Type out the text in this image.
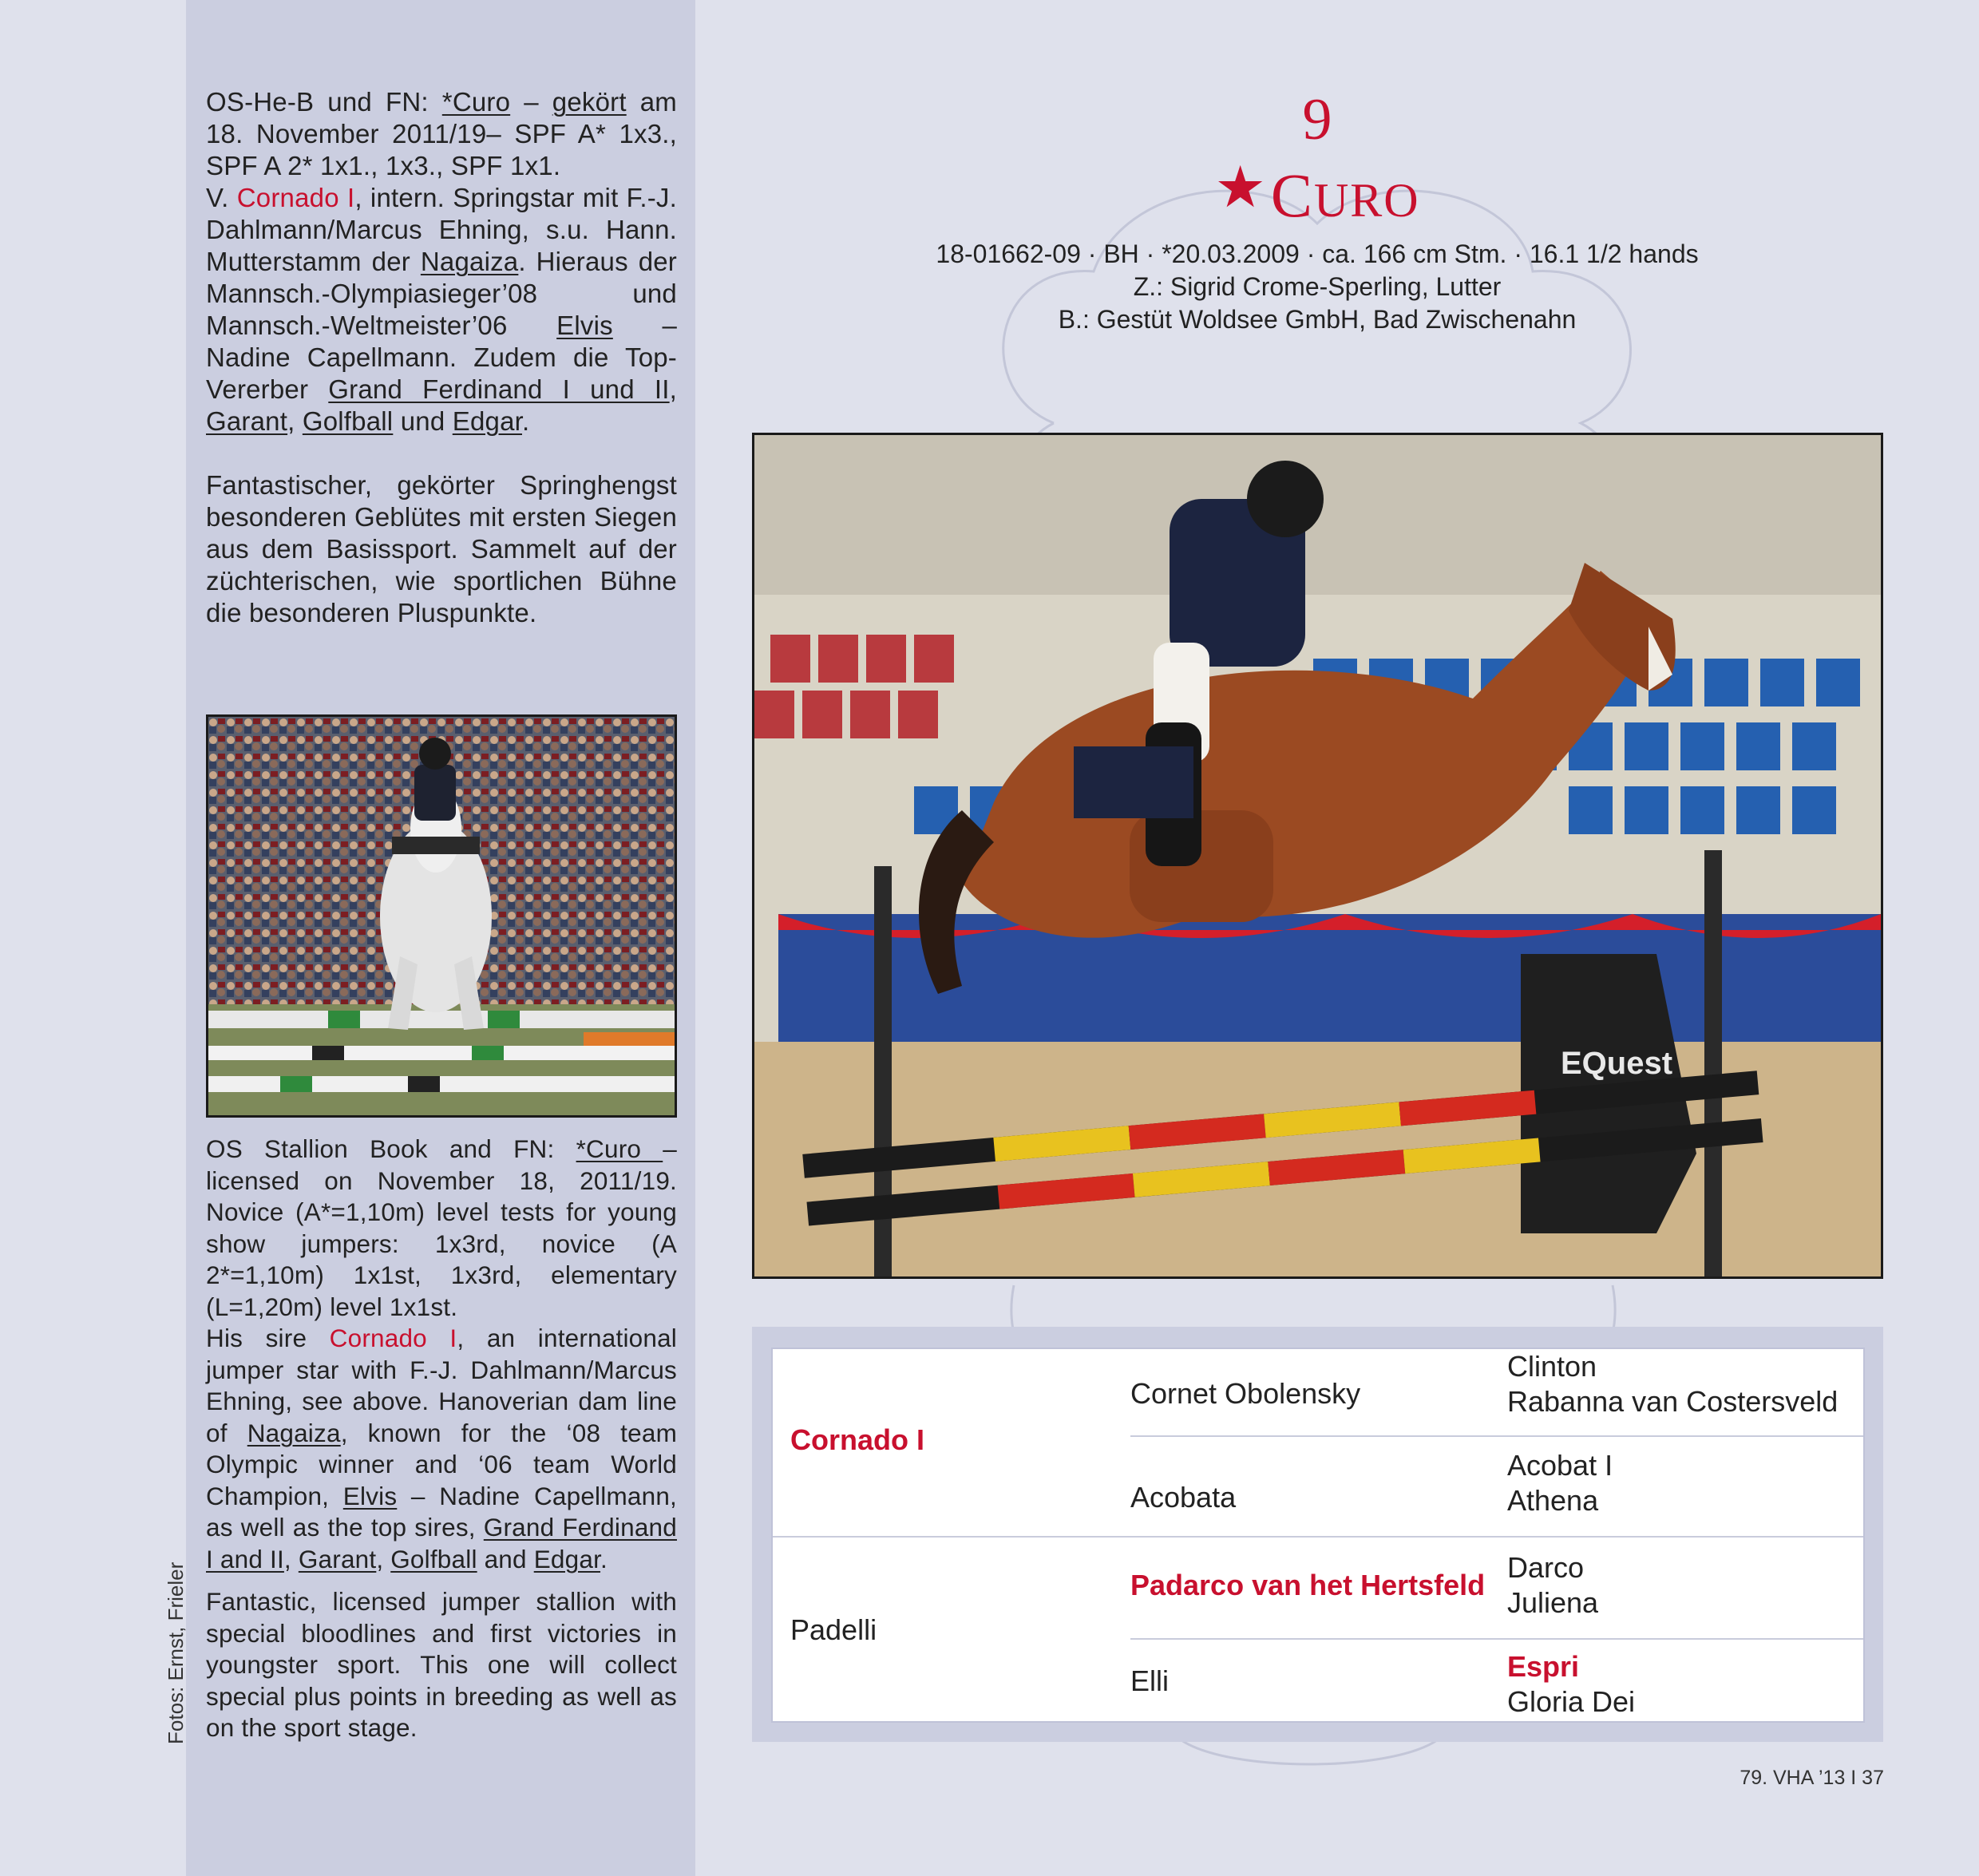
OS-He-B und FN: *Curo – gekört am 18. November 2011/19– SPF A* 1x3., SPF A 2* 1x1., 1x3., SPF 1x1.
V. Cornado I, intern. Springstar mit F.-J. Dahlmann/Marcus Ehning, s.u. Hann. Mutterstamm der Nagaiza. Hieraus der Mannsch.-Olympiasieger’08 und Mannsch.-Weltmeister’06 Elvis – Nadine Capellmann. Zudem die Top-Vererber Grand Ferdinand I und II, Garant, Golfball und Edgar.

Fantastischer, gekörter Springhengst besonderen Geblütes mit ersten Siegen aus dem Basissport. Sammelt auf der züchterischen, wie sportlichen Bühne die besonderen Pluspunkte.

OS Stallion Book and FN: *Curo – licensed on November 18, 2011/19. Novice (A*=1,10m) level tests for young show jumpers: 1x3rd, novice (A 2*=1,10m) 1x1st, 1x3rd, elementary (L=1,20m) level 1x1st.
His sire Cornado I, an international jumper star with F.-J. Dahlmann/Marcus Ehning, see above. Hanoverian dam line of Nagaiza, known for the ‘08 team Olympic winner and ‘06 team World Champion, Elvis – Nadine Capellmann, as well as the top sires, Grand Ferdinand I and II, Garant, Golfball and Edgar.

Fantastic, licensed jumper stallion with special bloodlines and first victories in youngster sport. This one will collect special plus points in breeding as well as on the sport stage.

Fotos: Ernst, Frieler
9
★CURO
18-01662-09 · BH · *20.03.2009 · ca. 166 cm Stm. · 16.1 1/2 hands
Z.: Sigrid Crome-Sperling, Lutter
B.: Gestüt Woldsee GmbH, Bad Zwischenahn
EQuest
Cornado I
Padelli
Cornet Obolensky
Acobata
Padarco van het Hertsfeld
Elli
Clinton
Rabanna van Costersveld
Acobat I
Athena
Darco
Juliena
Espri
Gloria Dei
79. VHA ’13 I 37
